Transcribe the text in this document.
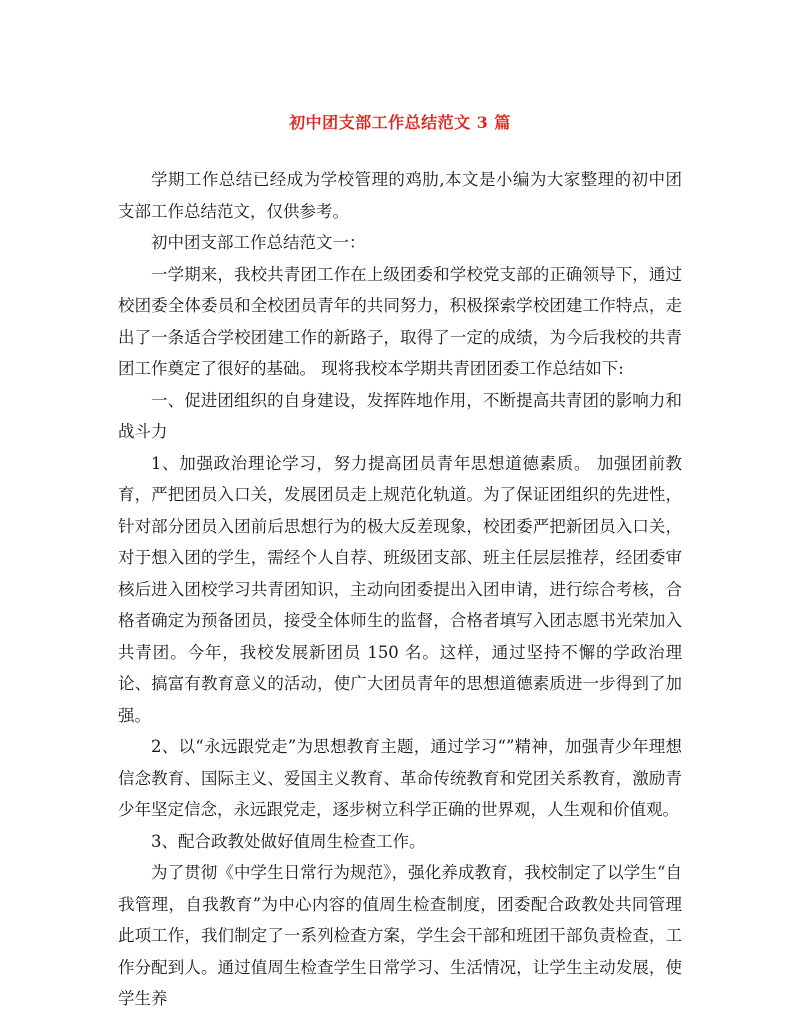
初中团支部工作总结范文 3 篇

学期工作总结已经成为学校管理的鸡肋,本文是小编为大家整理的初中团支部工作总结范文，仅供参考。

初中团支部工作总结范文一：

一学期来，我校共青团工作在上级团委和学校党支部的正确领导下，通过校团委全体委员和全校团员青年的共同努力，积极探索学校团建工作特点，走出了一条适合学校团建工作的新路子，取得了一定的成绩，为今后我校的共青团工作奠定了很好的基础。 现将我校本学期共青团团委工作总结如下:

一、促进团组织的自身建设，发挥阵地作用，不断提高共青团的影响力和战斗力

1、加强政治理论学习，努力提高团员青年思想道德素质。 加强团前教育，严把团员入口关，发展团员走上规范化轨道。为了保证团组织的先进性，针对部分团员入团前后思想行为的极大反差现象，校团委严把新团员入口关，对于想入团的学生，需经个人自荐、班级团支部、班主任层层推荐，经团委审核后进入团校学习共青团知识，主动向团委提出入团申请，进行综合考核，合格者确定为预备团员，接受全体师生的监督，合格者填写入团志愿书光荣加入共青团。今年，我校发展新团员 150 名。这样，通过坚持不懈的学政治理论、搞富有教育意义的活动，使广大团员青年的思想道德素质进一步得到了加强。

2、以“永远跟党走”为思想教育主题，通过学习“”精神，加强青少年理想信念教育、国际主义、爱国主义教育、革命传统教育和党团关系教育，激励青少年坚定信念，永远跟党走，逐步树立科学正确的世界观，人生观和价值观。

3、配合政教处做好值周生检查工作。

为了贯彻《中学生日常行为规范》，强化养成教育，我校制定了以学生“自我管理，自我教育”为中心内容的值周生检查制度，团委配合政教处共同管理此项工作，我们制定了一系列检查方案，学生会干部和班团干部负责检查，工作分配到人。通过值周生检查学生日常学习、生活情况，让学生主动发展，使学生养
